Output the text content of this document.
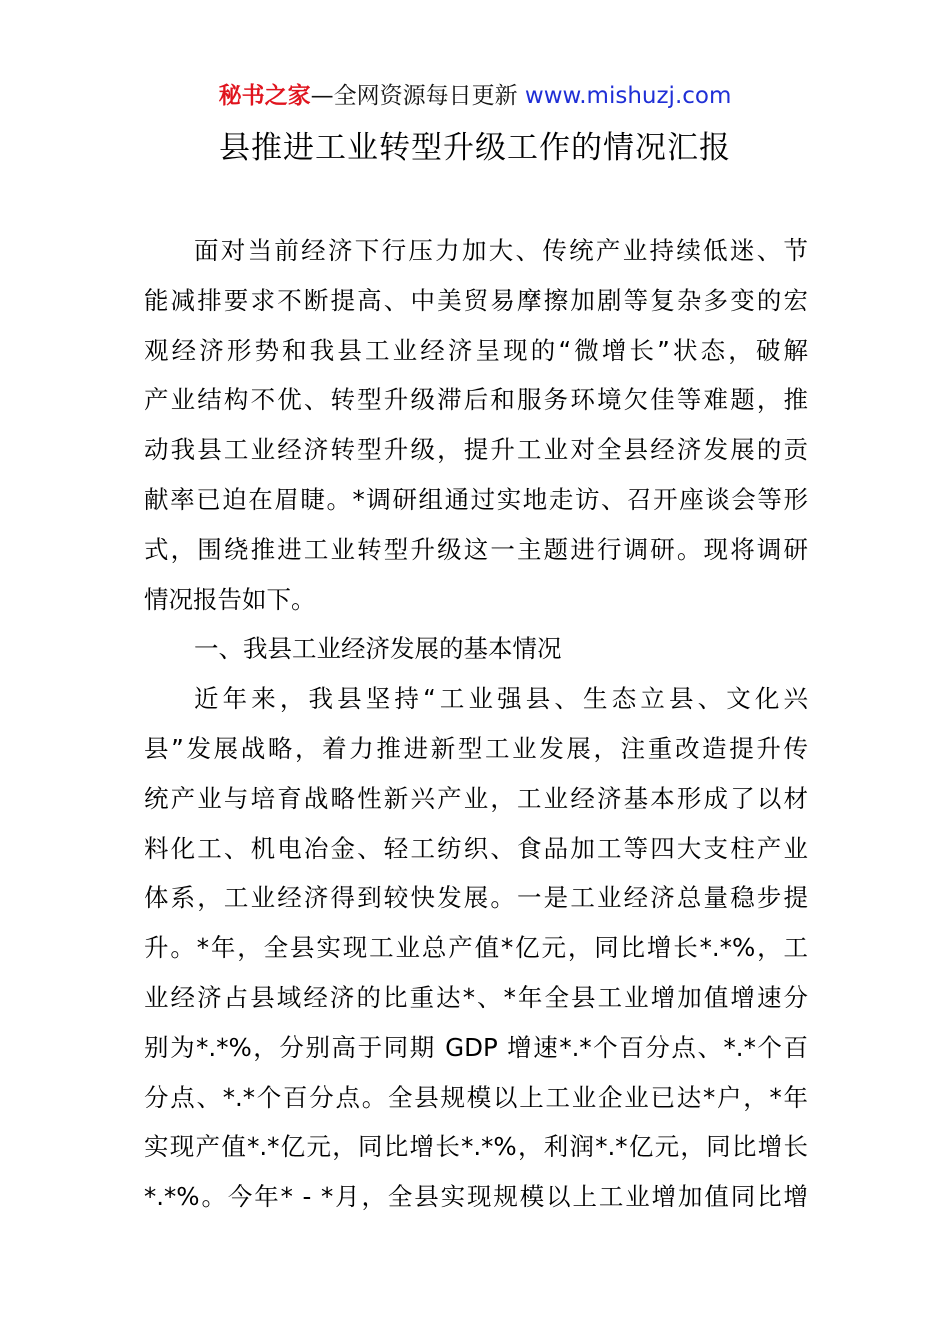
秘书之家—全网资源每日更新 www.mishuzj.com
县推进工业转型升级工作的情况汇报
面对当前经济下行压力加大、传统产业持续低迷、节
能减排要求不断提高、中美贸易摩擦加剧等复杂多变的宏
观经济形势和我县工业经济呈现的“微增长”状态，破解
产业结构不优、转型升级滞后和服务环境欠佳等难题，推
动我县工业经济转型升级，提升工业对全县经济发展的贡
献率已迫在眉睫。*调研组通过实地走访、召开座谈会等形
式，围绕推进工业转型升级这一主题进行调研。现将调研
情况报告如下。
一、我县工业经济发展的基本情况
近年来，我县坚持“工业强县、生态立县、文化兴
县”发展战略，着力推进新型工业发展，注重改造提升传
统产业与培育战略性新兴产业，工业经济基本形成了以材
料化工、机电冶金、轻工纺织、食品加工等四大支柱产业
体系，工业经济得到较快发展。一是工业经济总量稳步提
升。*年，全县实现工业总产值*亿元，同比增长*.*%，工
业经济占县域经济的比重达*、*年全县工业增加值增速分
别为*.*%，分别高于同期 GDP 增速*.*个百分点、*.*个百
分点、*.*个百分点。全县规模以上工业企业已达*户，*年
实现产值*.*亿元，同比增长*.*%，利润*.*亿元，同比增长
*.*%。今年* - *月，全县实现规模以上工业增加值同比增
